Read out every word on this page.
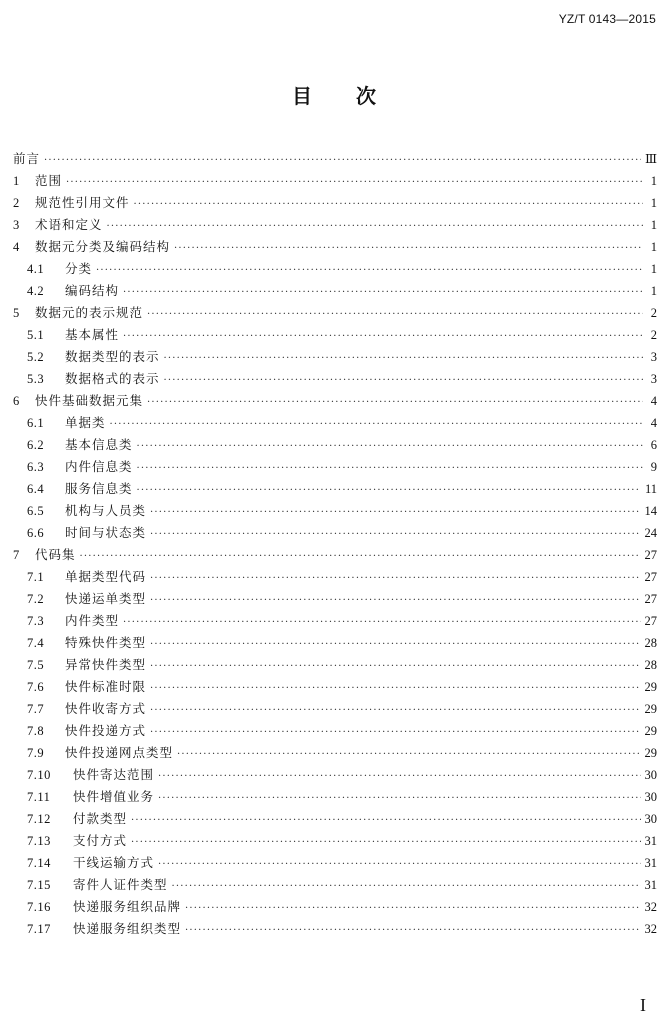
YZ/T 0143—2015
目 次
前言 ·····	Ⅲ
1	范围 ·····	1
2	规范性引用文件 ·····	1
3	术语和定义 ·····	1
4	数据元分类及编码结构 ·····	1
4.1	分类 ·····	1
4.2	编码结构 ·····	1
5	数据元的表示规范 ·····	2
5.1	基本属性 ·····	2
5.2	数据类型的表示 ·····	3
5.3	数据格式的表示 ·····	3
6	快件基础数据元集 ·····	4
6.1	单据类 ·····	4
6.2	基本信息类 ·····	6
6.3	内件信息类 ·····	9
6.4	服务信息类 ·····	11
6.5	机构与人员类 ·····	14
6.6	时间与状态类 ·····	24
7	代码集 ·····	27
7.1	单据类型代码 ·····	27
7.2	快递运单类型 ·····	27
7.3	内件类型 ·····	27
7.4	特殊快件类型 ·····	28
7.5	异常快件类型 ·····	28
7.6	快件标准时限 ·····	29
7.7	快件收寄方式 ·····	29
7.8	快件投递方式 ·····	29
7.9	快件投递网点类型 ·····	29
7.10	快件寄达范围 ·····	30
7.11	快件增值业务 ·····	30
7.12	付款类型 ·····	30
7.13	支付方式 ·····	31
7.14	干线运输方式 ·····	31
7.15	寄件人证件类型 ·····	31
7.16	快递服务组织品牌 ·····	32
7.17	快递服务组织类型 ·····	32
I
